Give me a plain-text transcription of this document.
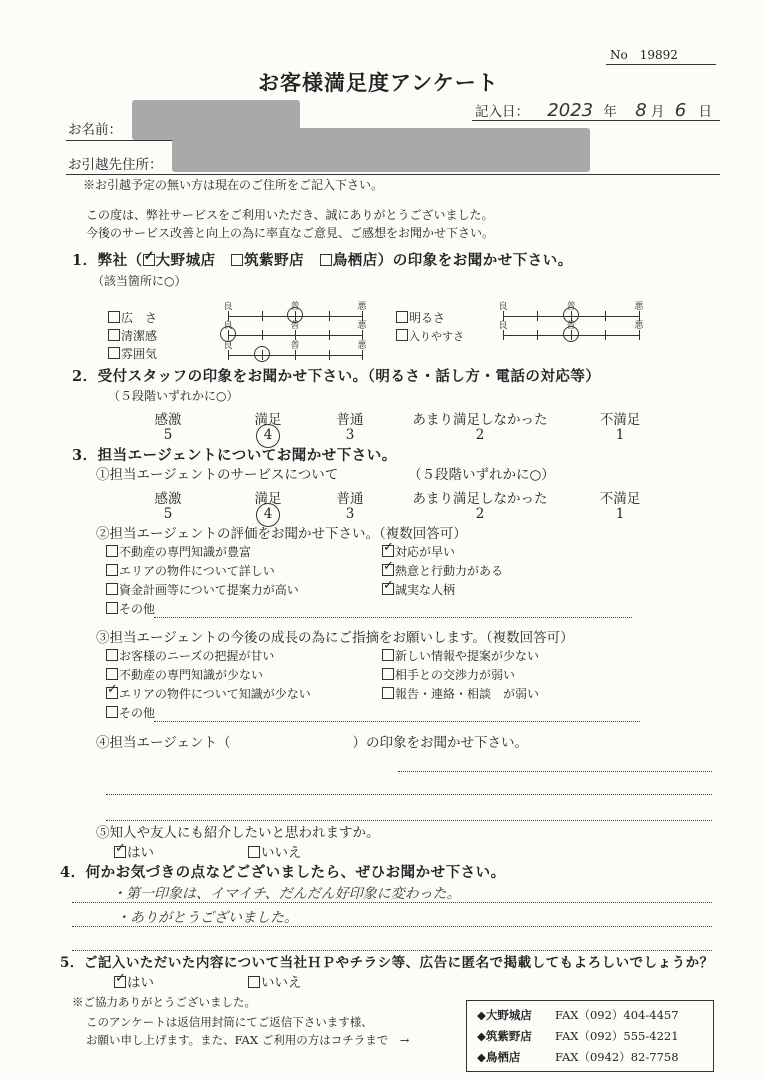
No　19892
お客様満足度アンケート
記入日： 2023 年 8 月 6 日
お名前：
お引越先住所：
※お引越予定の無い方は現在のご住所をご記入下さい。
この度は、弊社サービスをご利用いただき、誠にありがとうございました。
今後のサービス改善と向上の為に率直なご意見、ご感想をお聞かせ下さい。
1．弊社（✓ 大野城店 筑紫野店 鳥栖店）の印象をお聞かせ下さい。
（該当箇所に○）
広　さ
清潔感
雰囲気
明るさ
入りやすさ
良	普	悪
良	普	悪
良	普	悪
良	普	悪
良	普	悪
2．受付スタッフの印象をお聞かせ下さい。（明るさ・話し方・電話の対応等）
（５段階いずれかに○）
感激
5
満足
4
普通
3
あまり満足しなかった
2
不満足
1
3．担当エージェントについてお聞かせ下さい。
①担当エージェントのサービスについて	（５段階いずれかに○）
感激
5
満足
4
普通
3
あまり満足しなかった
2
不満足
1
②担当エージェントの評価をお聞かせ下さい。（複数回答可）
不動産の専門知識が豊富
エリアの物件について詳しい
資金計画等について提案力が高い
その他
✓対応が早い
✓熱意と行動力がある
✓誠実な人柄
③担当エージェントの今後の成長の為にご指摘をお願いします。（複数回答可）
お客様のニーズの把握が甘い
不動産の専門知識が少ない
✓エリアの物件について知識が少ない
その他
新しい情報や提案が少ない
相手との交渉力が弱い
報告・連絡・相談　が弱い
④担当エージェント（	）の印象をお聞かせ下さい。
⑤知人や友人にも紹介したいと思われますか。
✓はい	いいえ
4．何かお気づきの点などございましたら、ぜひお聞かせ下さい。
・第一印象は、イマイチ、だんだん好印象に変わった。
・ありがとうございました。
5．ご記入いただいた内容について当社ＨＰやチラシ等、広告に匿名で掲載してもよろしいでしょうか？
✓はい	いいえ
※ご協力ありがとうございました。
このアンケートは返信用封筒にてご返信下さいます様、
お願い申し上げます。また、FAX ご利用の方はコチラまで　→
◆大野城店 FAX（092）404-4457
◆筑紫野店 FAX（092）555-4221
◆鳥栖店	FAX（0942）82-7758
